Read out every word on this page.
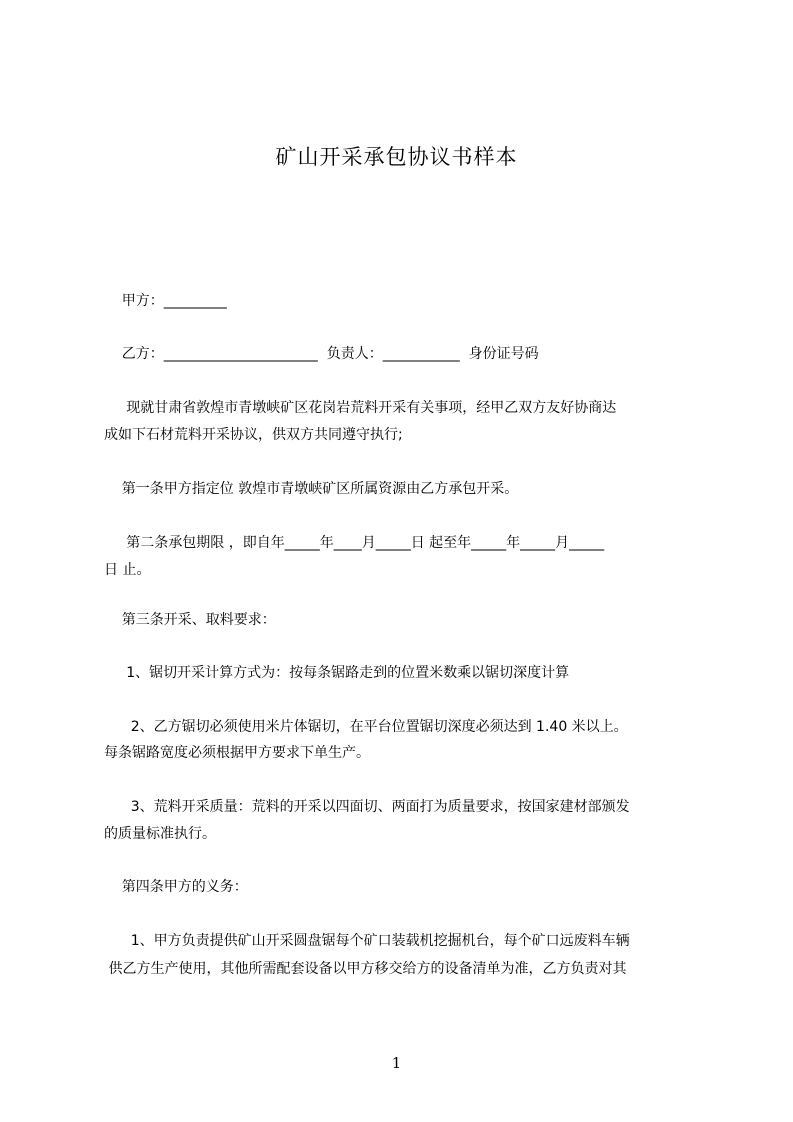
矿山开采承包协议书样本
甲方：_________
乙方：______________________  负责人：___________  身份证号码
现就甘肃省敦煌市青墩峡矿区花岗岩荒料开采有关事项，经甲乙双方友好协商达
成如下石材荒料开采协议，供双方共同遵守执行;
第一条甲方指定位 敦煌市青墩峡矿区所属资源由乙方承包开采。
第二条承包期限 ，即自年_____年____月_____日 起至年_____年_____月_____
日 止。
第三条开采、取料要求：
1、锯切开采计算方式为：按每条锯路走到的位置米数乘以锯切深度计算
2、乙方锯切必须使用米片体锯切，在平台位置锯切深度必须达到 1.40 米以上。
每条锯路宽度必须根据甲方要求下单生产。
3、荒料开采质量：荒料的开采以四面切、两面打为质量要求，按国家建材部颁发
的质量标准执行。
第四条甲方的义务：
1、甲方负责提供矿山开采圆盘锯每个矿口装载机挖掘机台，每个矿口远废料车辆
供乙方生产使用，其他所需配套设备以甲方移交给方的设备清单为准，乙方负责对其
1
